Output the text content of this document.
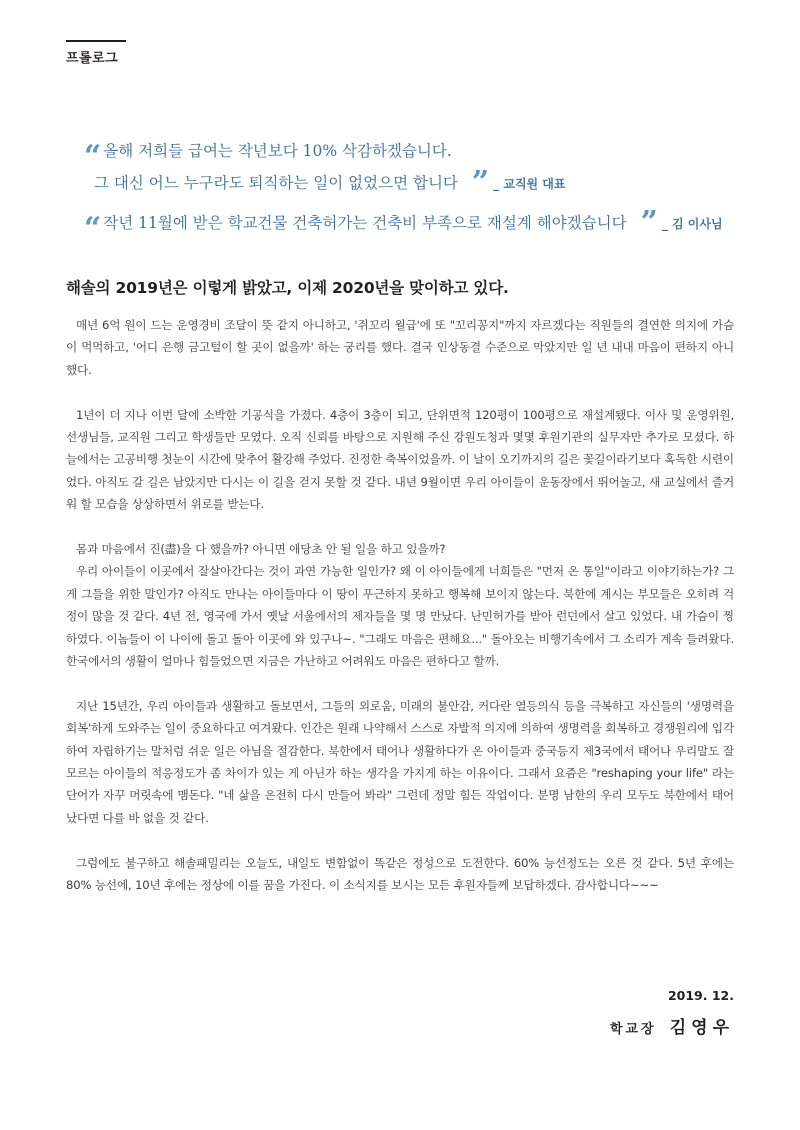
프롤로그
“ 올해 저희들 급여는 작년보다 10% 삭감하겠습니다.
그 대신 어느 누구라도 퇴직하는 일이 없었으면 합니다 ” _ 교직원 대표
“ 작년 11월에 받은 학교건물 건축허가는 건축비 부족으로 재설계 해야겠습니다 ” _ 김 이사님
해솔의 2019년은 이렇게 밝았고, 이제 2020년을 맞이하고 있다.

매년 6억 원이 드는 운영경비 조달이 뜻 같지 아니하고, '쥐꼬리 월급'에 또 "꼬리꽁지"까지 자르겠다는 직원들의 결연한 의지에 가슴이 먹먹하고, '어디 은행 금고털이 할 곳이 없을까' 하는 궁리를 했다. 결국 인상동결 수준으로 막았지만 일 년 내내 마음이 편하지 아니했다.

1년이 더 지나 이번 달에 소박한 기공식을 가졌다. 4층이 3층이 되고, 단위면적 120평이 100평으로 재설계됐다. 이사 및 운영위원, 선생님들, 교직원 그리고 학생들만 모였다. 오직 신뢰를 바탕으로 지원해 주신 강원도청과 몇몇 후원기관의 실무자만 추가로 모셨다. 하늘에서는 고공비행 첫눈이 시간에 맞추어 활강해 주었다. 진정한 축복이었을까. 이 날이 오기까지의 길은 꽃길이라기보다 혹독한 시련이었다. 아직도 갈 길은 남았지만 다시는 이 길을 걷지 못할 것 같다. 내년 9월이면 우리 아이들이 운동장에서 뛰어놀고, 새 교실에서 즐거워 할 모습을 상상하면서 위로를 받는다.

몸과 마음에서 진(盡)을 다 했을까? 아니면 애당초 안 될 일을 하고 있을까?

우리 아이들이 이곳에서 잘살아간다는 것이 과연 가능한 일인가? 왜 이 아이들에게 너희들은 "먼저 온 통일"이라고 이야기하는가? 그게 그들을 위한 말인가? 아직도 만나는 아이들마다 이 땅이 푸근하지 못하고 행복해 보이지 않는다. 북한에 계시는 부모들은 오히려 걱정이 많을 것 같다. 4년 전, 영국에 가서 옛날 서울에서의 제자들을 몇 명 만났다. 난민허가를 받아 런던에서 살고 있었다. 내 가슴이 찡하였다. 이놈들이 이 나이에 돌고 돌아 이곳에 와 있구나~. "그래도 마음은 편해요..." 돌아오는 비행기속에서 그 소리가 계속 들려왔다. 한국에서의 생활이 얼마나 힘들었으면 지금은 가난하고 어려워도 마음은 편하다고 할까.

지난 15년간, 우리 아이들과 생활하고 돌보면서, 그들의 외로움, 미래의 불안감, 커다란 열등의식 등을 극복하고 자신들의 '생명력을 회복'하게 도와주는 일이 중요하다고 여겨왔다. 인간은 원래 나약해서 스스로 자발적 의지에 의하여 생명력을 회복하고 경쟁원리에 입각하여 자립하기는 말처럼 쉬운 일은 아님을 절감한다. 북한에서 태어나 생활하다가 온 아이들과 중국등지 제3국에서 태어나 우리말도 잘 모르는 아이들의 적응정도가 좀 차이가 있는 게 아닌가 하는 생각을 가지게 하는 이유이다. 그래서 요즘은 "reshaping your life" 라는 단어가 자꾸 머릿속에 맴돈다. "네 삶을 온전히 다시 만들어 봐라" 그런데 정말 힘든 작업이다. 분명 남한의 우리 모두도 북한에서 태어났다면 다를 바 없을 것 같다.

그럼에도 불구하고 해솔패밀리는 오늘도, 내일도 변함없이 똑같은 정성으로 도전한다. 60% 능선정도는 오른 것 같다. 5년 후에는 80% 능선에, 10년 후에는 정상에 이를 꿈을 가진다. 이 소식지를 보시는 모든 후원자들께 보답하겠다. 감사합니다~~~

2019. 12.
학교장 김영우
